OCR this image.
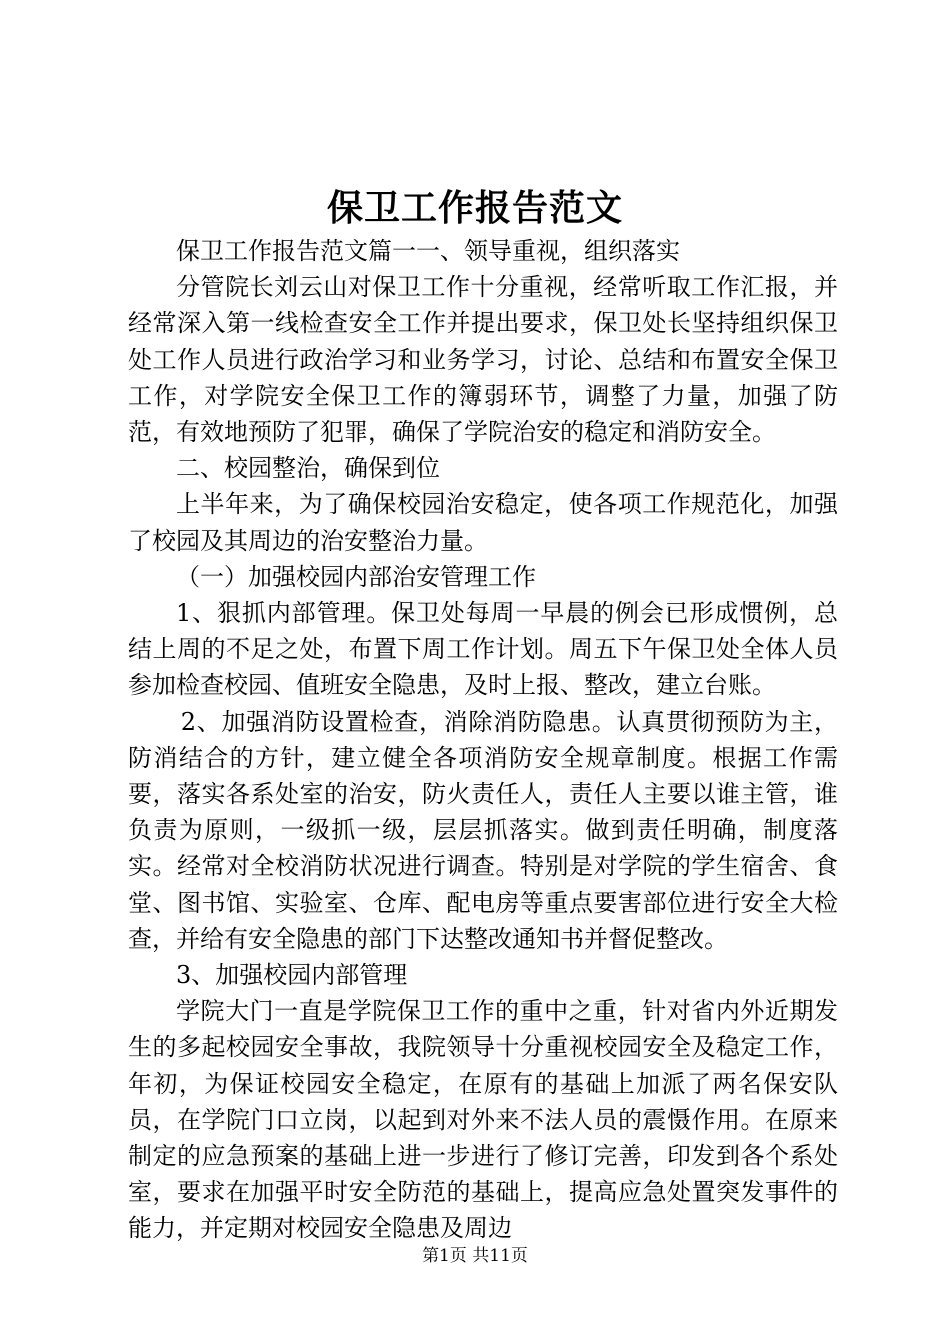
保卫工作报告范文

保卫工作报告范文篇一一、领导重视，组织落实

分管院长刘云山对保卫工作十分重视，经常听取工作汇报，并经常深入第一线检查安全工作并提出要求，保卫处长坚持组织保卫处工作人员进行政治学习和业务学习，讨论、总结和布置安全保卫工作，对学院安全保卫工作的簿弱环节，调整了力量，加强了防范，有效地预防了犯罪，确保了学院治安的稳定和消防安全。

二、校园整治，确保到位

上半年来，为了确保校园治安稳定，使各项工作规范化，加强了校园及其周边的治安整治力量。

（一）加强校园内部治安管理工作

1、狠抓内部管理。保卫处每周一早晨的例会已形成惯例，总结上周的不足之处，布置下周工作计划。周五下午保卫处全体人员参加检查校园、值班安全隐患，及时上报、整改，建立台账。

2、加强消防设置检查，消除消防隐患。认真贯彻预防为主，防消结合的方针，建立健全各项消防安全规章制度。根据工作需要，落实各系处室的治安，防火责任人，责任人主要以谁主管，谁负责为原则，一级抓一级，层层抓落实。做到责任明确，制度落实。经常对全校消防状况进行调查。特别是对学院的学生宿舍、食堂、图书馆、实验室、仓库、配电房等重点要害部位进行安全大检查，并给有安全隐患的部门下达整改通知书并督促整改。

3、加强校园内部管理

学院大门一直是学院保卫工作的重中之重，针对省内外近期发生的多起校园安全事故，我院领导十分重视校园安全及稳定工作，年初，为保证校园安全稳定，在原有的基础上加派了两名保安队员，在学院门口立岗，以起到对外来不法人员的震慑作用。在原来制定的应急预案的基础上进一步进行了修订完善，印发到各个系处室，要求在加强平时安全防范的基础上，提高应急处置突发事件的能力，并定期对校园安全隐患及周边

第1页 共11页
